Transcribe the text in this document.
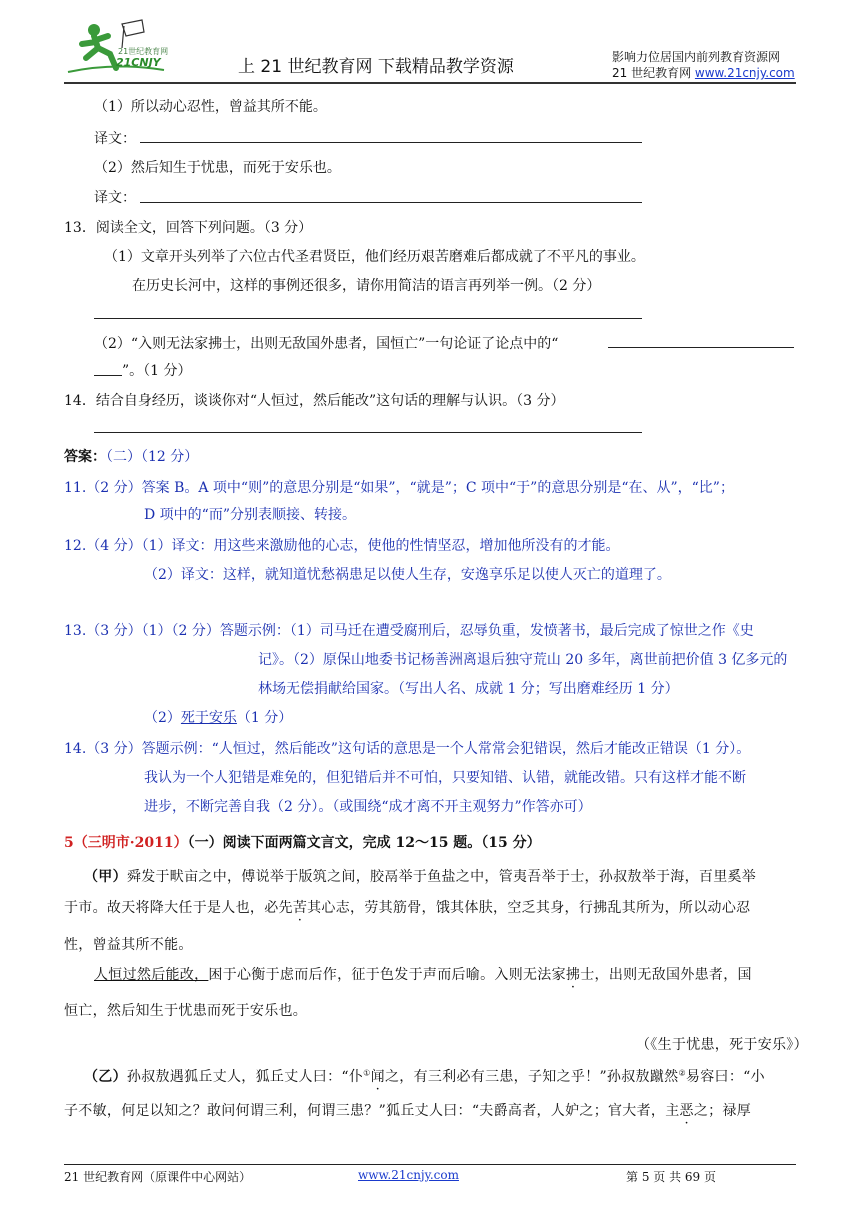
21世纪教育网
21CNJY	上 21 世纪教育网 下载精品教学资源	影响力位居国内前列教育资源网
21 世纪教育网 www.21cnjy.com
（1）所以动心忍性，曾益其所不能。
译文：
（2）然后知生于忧患，而死于安乐也。
译文：
13．阅读全文，回答下列问题。（3 分）
（1）文章开头列举了六位古代圣君贤臣，他们经历艰苦磨难后都成就了不平凡的事业。
在历史长河中，这样的事例还很多，请你用简洁的语言再列举一例。（2 分）
（2）“入则无法家拂士，出则无敌国外患者，国恒亡”一句论证了论点中的“
”。（1 分）
14．结合自身经历，谈谈你对“人恒过，然后能改”这句话的理解与认识。（3 分）
答案：（二）（12 分）
11.（2 分）答案 B。A 项中“则”的意思分别是“如果”，“就是”；C 项中“于”的意思分别是“在、从”，“比”；
D 项中的“而”分别表顺接、转接。
12.（4 分）（1）译文：用这些来激励他的心志，使他的性情坚忍，增加他所没有的才能。
（2）译文：这样，就知道忧愁祸患足以使人生存，安逸享乐足以使人灭亡的道理了。
13.（3 分）（1）（2 分）答题示例：（1）司马迁在遭受腐刑后，忍辱负重，发愤著书，最后完成了惊世之作《史
记》。（2）原保山地委书记杨善洲离退后独守荒山 20 多年，离世前把价值 3 亿多元的
林场无偿捐献给国家。（写出人名、成就 1 分；写出磨难经历 1 分）
（2）死于安乐（1 分）
14.（3 分）答题示例：“人恒过，然后能改”这句话的意思是一个人常常会犯错误，然后才能改正错误（1 分）。
我认为一个人犯错是难免的，但犯错后并不可怕，只要知错、认错，就能改错。只有这样才能不断
进步，不断完善自我（2 分）。（或围绕“成才离不开主观努力”作答亦可）
5（三明市·2011）（一）阅读下面两篇文言文，完成 12～15 题。（15 分）
（甲）舜发于畎亩之中，傅说举于版筑之间，胶鬲举于鱼盐之中，管夷吾举于士，孙叔敖举于海，百里奚举
于市。故天将降大任于是人也，必先苦其心志，劳其筋骨，饿其体肤，空乏其身，行拂乱其所为，所以动心忍
性，曾益其所不能。
人恒过然后能改，困于心衡于虑而后作，征于色发于声而后喻。入则无法家拂士，出则无敌国外患者，国
恒亡，然后知生于忧患而死于安乐也。
（《生于忧患，死于安乐》）
（乙）孙叔敖遇狐丘丈人，狐丘丈人曰：“仆①闻之，有三利必有三患，子知之乎！”孙叔敖蹴然②易容曰：“小
子不敏，何足以知之？敢问何谓三利，何谓三患？”狐丘丈人曰：“夫爵高者，人妒之；官大者，主恶之；禄厚
21 世纪教育网（原课件中心网站）	www.21cnjy.com	第 5 页 共 69 页
